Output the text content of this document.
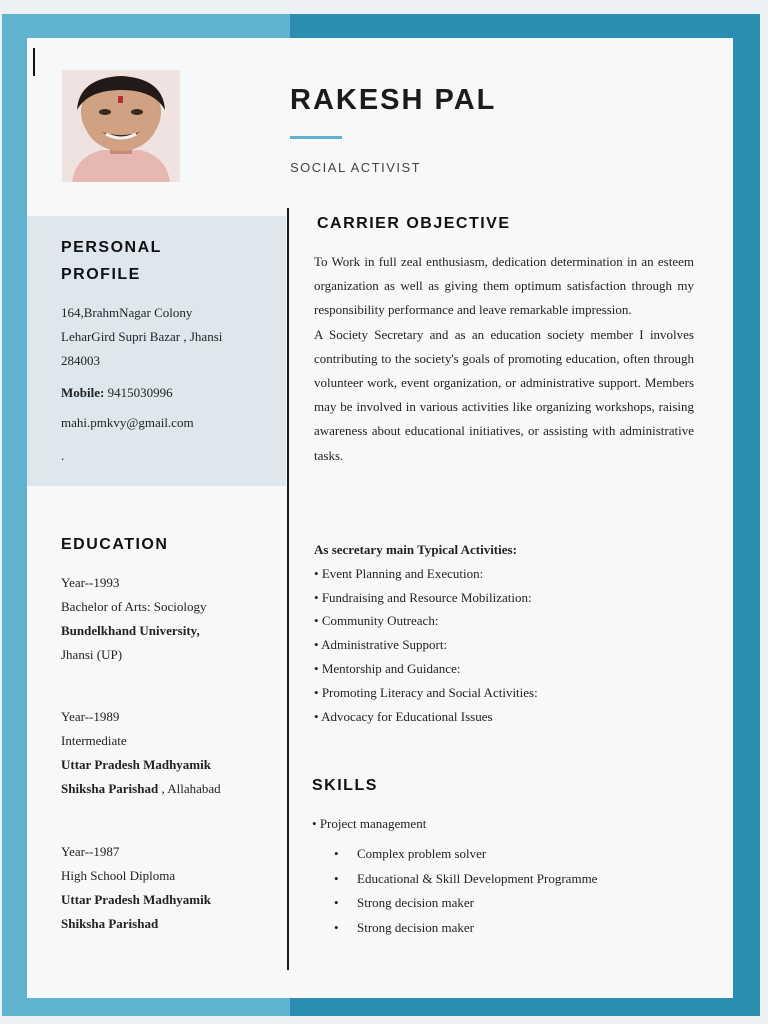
RAKESH PAL
SOCIAL ACTIVIST
PERSONAL
PROFILE
164,BrahmNagar Colony
LeharGird Supri Bazar , Jhansi
284003
Mobile: 9415030996
mahi.pmkvy@gmail.com
.
EDUCATION
Year--1993
Bachelor of Arts: Sociology
Bundelkhand University,
Jhansi (UP)
Year--1989
Intermediate
Uttar Pradesh Madhyamik
Shiksha Parishad , Allahabad
Year--1987
High School Diploma
Uttar Pradesh Madhyamik
Shiksha Parishad
CARRIER OBJECTIVE
To Work in full zeal enthusiasm, dedication determination in an esteem organization as well as giving them optimum satisfaction through my responsibility performance and leave remarkable impression.
A Society Secretary and as an education society member I involves contributing to the society's goals of promoting education, often through volunteer work, event organization, or administrative support. Members may be involved in various activities like organizing workshops, raising awareness about educational initiatives, or assisting with administrative tasks.
As secretary main Typical Activities:
• Event Planning and Execution:
• Fundraising and Resource Mobilization:
• Community Outreach:
• Administrative Support:
• Mentorship and Guidance:
• Promoting Literacy and Social Activities:
• Advocacy for Educational Issues
SKILLS
• Project management
• Complex problem solver
• Educational & Skill Development Programme
• Strong decision maker
• Strong decision maker
